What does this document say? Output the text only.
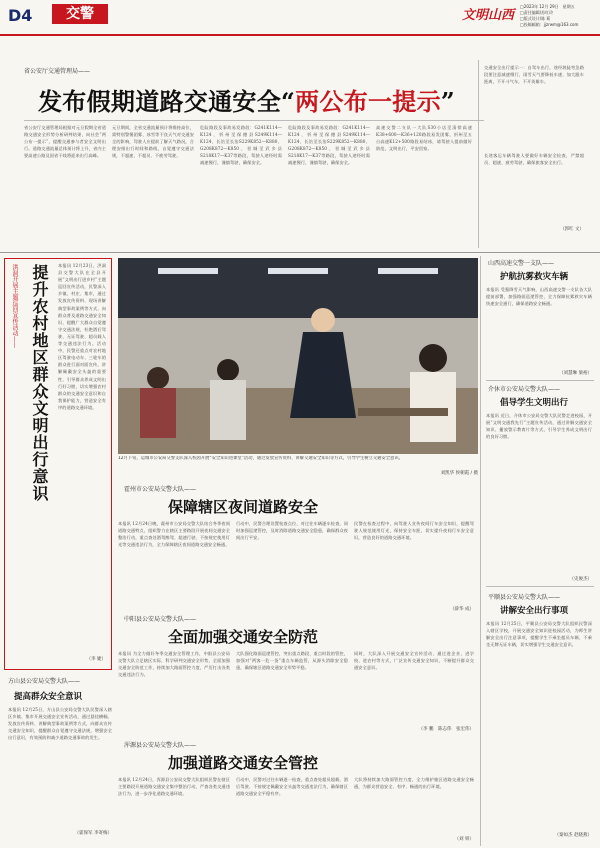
D4	交警	文明山西
□2023年 12月 29日　星期五
□责任编辑/苏红玲
□版式设计/陈 莉
□投稿邮箱：jjzrwm@163.com
省公安厅交通管理局——
发布假期道路交通安全“两公布一提示”
省公安厅交通管理局根据对元旦假期全省道路交通安全形势分析研判结果，向社会“两公布一提示”，提醒交通参与者安全文明出行。道路交通流量总体预计将上升，省内主要高速公路及国省干线将迎来出行高峰。
元旦期间，全省交通流量预计将维持高位，需特别警惕团雾、冰雪等不良天气对交通安全的影响，驾驶人应提前了解天气路况，合理安排出行时间和路线，自觉遵守交通法规，不超速、不超员、不疲劳驾驶。
危险路段及事故易发路段：G241K114—K124、忻州至保德县S249K114—K124、长治至长治S229K852—K880、G208K872—K850、晋城至武乡县S218K17—K37等路段，驾驶人途经时需减速慢行，谨慎驾驶，确保安全。
危险路段及事故易发路段：G241K114—K124、忻州至保德县S249K114—K124、长治至长治S229K852—K880、G208K872—K850、晋城至武乡县S218K17—K37等路段，驾驶人途经时需减速慢行，谨慎驾驶，确保安全。
高速交警二支队一大队S30小店至清徐高速K38+600—K36+120路段易发团雾，忻州至五台高速K12+500路段易结冰，请驾驶人提前做好防范，文明出行，平安回家。
交通安全出行提示一：自驾车出行，途经坡陡弯急路段要注意减速慢行，雨雪天气要降低车速、加大跟车距离，不开斗气车，不开英雄车。
长途客运车辆驾驶人要做好车辆安全检查，严禁超员、超速、疲劳驾驶，确保旅客安全出行。
（郭红 文）
洪洞开展主题巡回宣传活动—— 提升农村地区群众文明出行意识	本报讯 12月23日，洪洞县交警大队在全县开展“文明出行进乡村”主题巡回宣传活动，民警深入乡镇、村庄、集市，通过发放宣传资料、现场讲解典型事故案例等方式，向群众普及道路交通安全知识，提醒广大群众自觉遵守交通法规，杜绝酒后驾驶、无证驾驶、超员载人等交通违法行为。活动中，民警还重点对农村地区驾驶电动车、三轮车的群众进行面对面宣传，讲解佩戴安全头盔的重要性，引导群众养成文明出行好习惯，切实增强农村群众的交通安全意识和自我保护能力，营造安全有序的道路交通环境。
（李 婕）
12月下旬，运城市公安局交警支队深入校园开展“安全知识进课堂”活动，通过发放宣传资料、讲解交通安全知识等方式，引导学生树立交通安全意识。
刘凯华 侯朝霞 / 摄
霍州市公安局交警大队——
保障辖区夜间道路安全
本报讯 12月24日晚，霍州市公安局交警大队结合冬季夜间道路交通特点，组织警力在辖区主要路段开展夜间交通安全整治行动，重点查处酒驾醉驾、超速行驶、不按规定使用灯光等交通违法行为，全力保障辖区夜间道路交通安全畅通。
行动中，民警合理设置检查点位，对过往车辆逐车检查，同时加强巡逻管控，及时消除道路交通安全隐患，确保群众夜间出行平安。
民警在检查过程中，向驾驶人宣传夜间行车安全知识，提醒驾驶人规范使用灯光，保持安全车距，切实提升夜间行车安全意识，营造良好的道路交通环境。
（薛华 成）
中阳县公安局交警大队——
全面加强交通安全防范
本报讯 为全力做好冬季交通安全管理工作，中阳县公安局交警大队立足辖区实际，科学研判交通安全形势，全面加强交通安全防范工作，持续加大路面管控力度，严厉打击各类交通违法行为。
大队强化路面巡逻管控，突出重点路段、重点时段的管控，加强对“两客一危一货”重点车辆监管，从源头消除安全隐患，确保辖区道路交通安全形势平稳。
同时，大队深入开展交通安全宣传活动，通过进企业、进学校、进农村等方式，广泛宣传交通安全知识，不断提升群众交通安全意识。
（李 鹏　陈志伟　张宏伟）
浑源县公安局交警大队——
加强道路交通安全管控
本报讯 12月24日，浑源县公安局交警大队组织民警在辖区主要路段开展道路交通安全集中整治行动，严查各类交通违法行为，进一步净化道路交通环境。
行动中，民警对过往车辆逐一检查，重点查处超员超载、酒后驾驶、不按规定佩戴安全头盔等交通违法行为，确保辖区道路交通安全平稳有序。
大队将持续加大路面管控力度，全力维护辖区道路交通安全畅通，为群众营造安全、有序、畅通的出行环境。
（刘 妍）
方山县公安局交警大队——
提高群众安全意识
本报讯 12月25日，方山县公安局交警大队民警深入辖区乡镇、集市开展交通安全宣传活动，通过悬挂横幅、发放宣传资料、讲解典型事故案例等方式，向群众宣传交通安全知识，提醒群众自觉遵守交通法规，增强安全出行意识，有效预防和减少道路交通事故的发生。
（霍保军 李寄梅）
山西高速交警一支队——
护航抗雾救灾车辆
本报讯 受强降雪天气影响，山西高速交警一支队各大队提前部署，加强路面巡逻管控，全力保障抗雾救灾车辆快速安全通行，确保道路安全畅通。
（刘慧琳 梁裕）
介休市公安局交警大队——
倡导学生文明出行
本报讯 近日，介休市公安局交警大队民警走进校园，开展“文明交通我先行”主题宣传活动，通过讲解交通安全知识、播放警示教育片等方式，引导学生养成文明出行的良好习惯。
（史俊杰）
平顺县公安局交警大队——
讲解安全出行事项
本报讯 12月25日，平顺县公安局交警大队组织民警深入辖区学校，开展交通安全知识进校园活动，为师生讲解安全出行注意事项，提醒学生不乘坐超员车辆、不乘坐无牌无证车辆，切实增强学生交通安全意识。
（秦如杰 赵晓燕）
